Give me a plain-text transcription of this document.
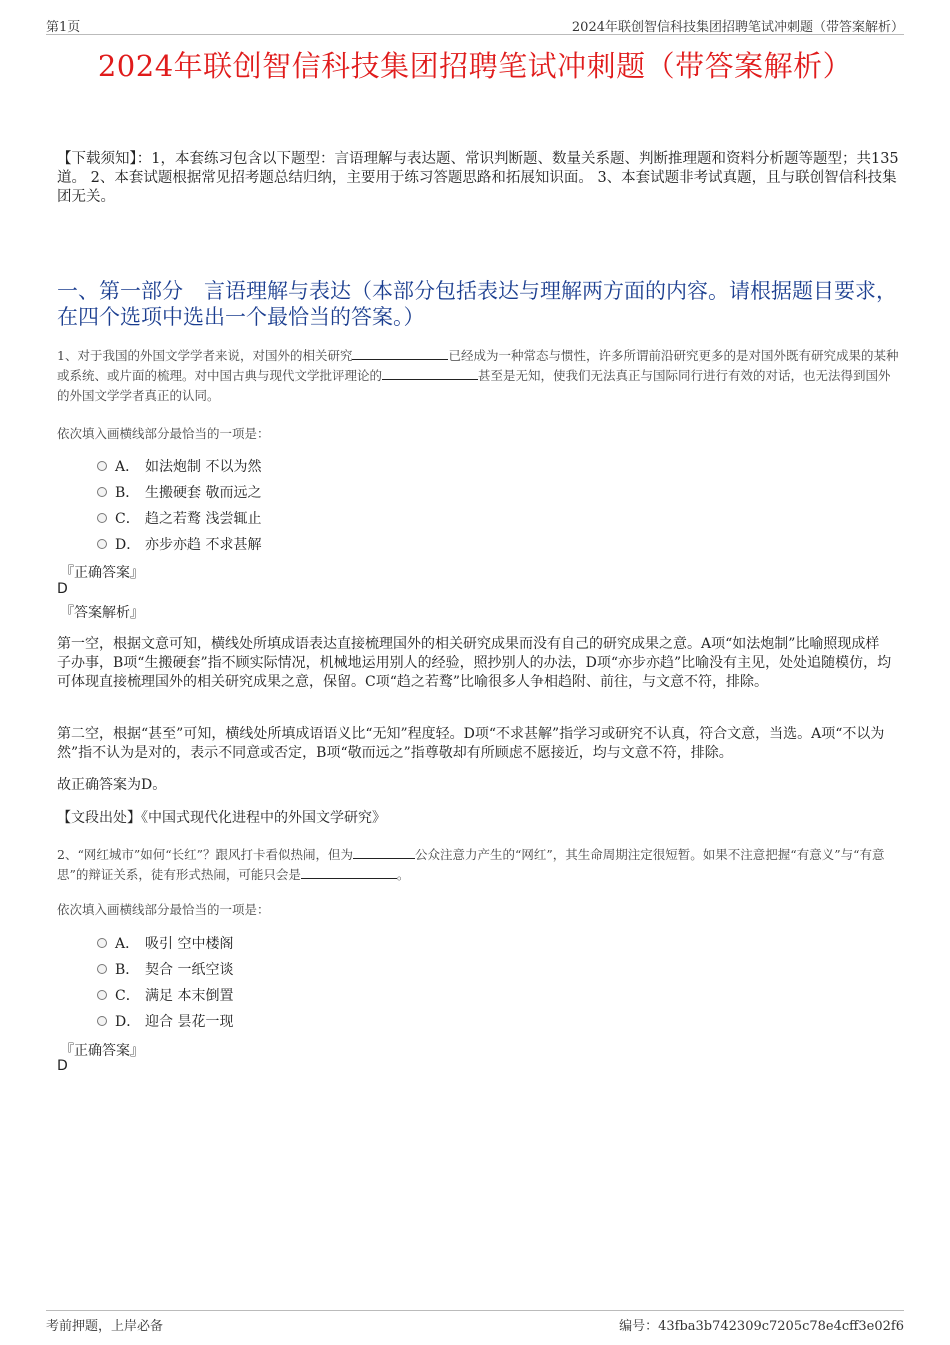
第1页	2024年联创智信科技集团招聘笔试冲刺题（带答案解析）
2024年联创智信科技集团招聘笔试冲刺题（带答案解析）
【下载须知】：1，本套练习包含以下题型：言语理解与表达题、常识判断题、数量关系题、判断推理题和资料分析题等题型；共135道。 2、本套试题根据常见招考题总结归纳，主要用于练习答题思路和拓展知识面。 3、本套试题非考试真题，且与联创智信科技集团无关。
一、第一部分　言语理解与表达（本部分包括表达与理解两方面的内容。请根据题目要求，在四个选项中选出一个最恰当的答案。）
1、对于我国的外国文学学者来说，对国外的相关研究	已经成为一种常态与惯性，许多所谓前沿研究更多的是对国外既有研究成果的某种或系统、或片面的梳理。对中国古典与现代文学批评理论的	甚至是无知，使我们无法真正与国际同行进行有效的对话，也无法得到国外的外国文学学者真正的认同。
依次填入画横线部分最恰当的一项是：
A． 如法炮制 不以为然
B． 生搬硬套 敬而远之
C． 趋之若鹜 浅尝辄止
D． 亦步亦趋 不求甚解
『正确答案』
D
『答案解析』
第一空，根据文意可知，横线处所填成语表达直接梳理国外的相关研究成果而没有自己的研究成果之意。A项“如法炮制”比喻照现成样子办事，B项“生搬硬套”指不顾实际情况，机械地运用别人的经验，照抄别人的办法，D项“亦步亦趋”比喻没有主见，处处追随模仿，均可体现直接梳理国外的相关研究成果之意，保留。C项“趋之若鹜”比喻很多人争相趋附、前往，与文意不符，排除。
第二空，根据“甚至”可知，横线处所填成语语义比“无知”程度轻。D项“不求甚解”指学习或研究不认真，符合文意，当选。A项“不以为然”指不认为是对的，表示不同意或否定，B项“敬而远之”指尊敬却有所顾虑不愿接近，均与文意不符，排除。
故正确答案为D。
【文段出处】《中国式现代化进程中的外国文学研究》
2、“网红城市”如何“长红”？跟风打卡看似热闹，但为	公众注意力产生的“网红”，其生命周期注定很短暂。如果不注意把握“有意义”与“有意思”的辩证关系，徒有形式热闹，可能只会是	。
依次填入画横线部分最恰当的一项是：
A． 吸引 空中楼阁
B． 契合 一纸空谈
C． 满足 本末倒置
D． 迎合 昙花一现
『正确答案』
D
考前押题，上岸必备	编号：43fba3b742309c7205c78e4cff3e02f6
